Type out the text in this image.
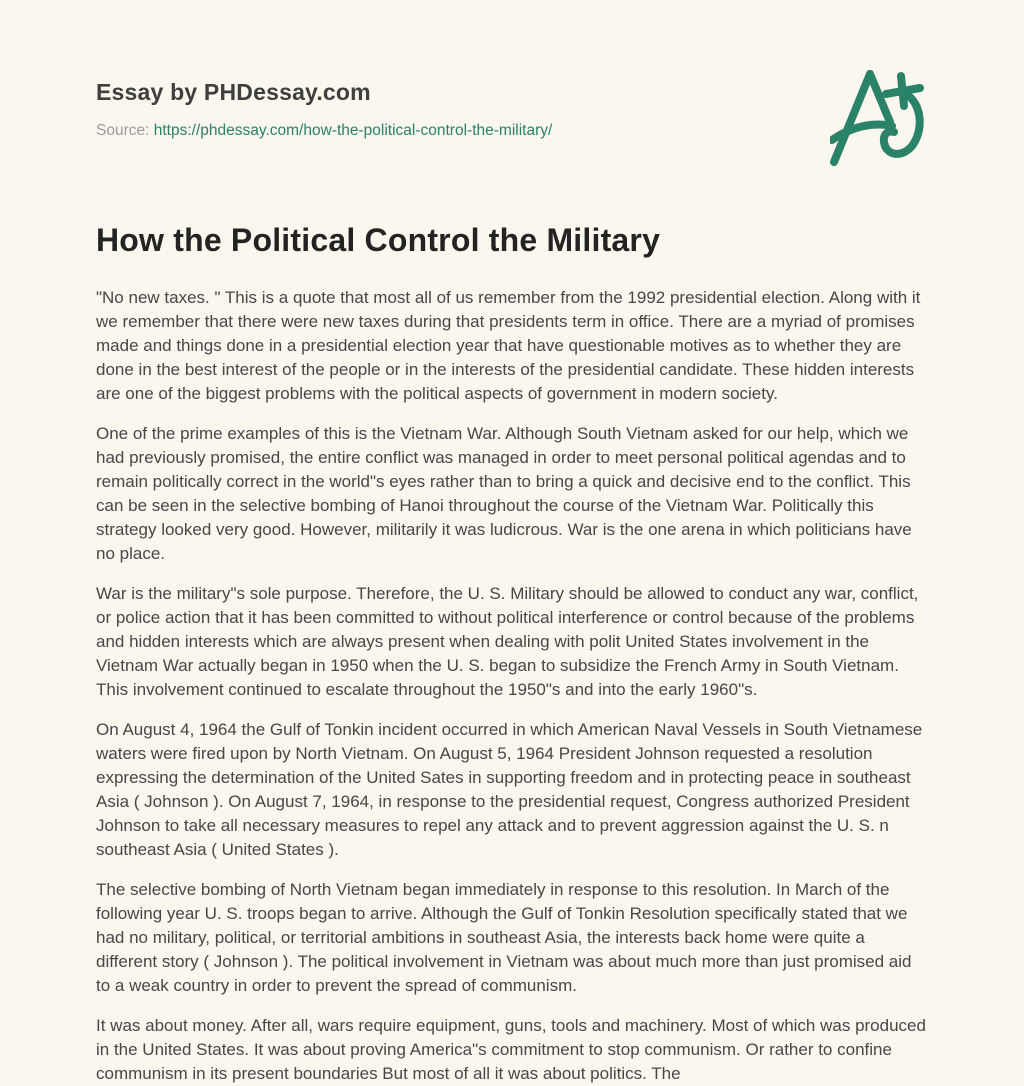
Essay by PHDessay.com
Source: https://phdessay.com/how-the-political-control-the-military/
How the Political Control the Military

"No new taxes. " This is a quote that most all of us remember from the 1992 presidential election. Along with it we remember that there were new taxes during that presidents term in office. There are a myriad of promises made and things done in a presidential election year that have questionable motives as to whether they are done in the best interest of the people or in the interests of the presidential candidate. These hidden interests are one of the biggest problems with the political aspects of government in modern society.

One of the prime examples of this is the Vietnam War. Although South Vietnam asked for our help, which we had previously promised, the entire conflict was managed in order to meet personal political agendas and to remain politically correct in the world"s eyes rather than to bring a quick and decisive end to the conflict. This can be seen in the selective bombing of Hanoi throughout the course of the Vietnam War. Politically this strategy looked very good. However, militarily it was ludicrous. War is the one arena in which politicians have no place.

War is the military"s sole purpose. Therefore, the U. S. Military should be allowed to conduct any war, conflict, or police action that it has been committed to without political interference or control because of the problems and hidden interests which are always present when dealing with polit United States involvement in the Vietnam War actually began in 1950 when the U. S. began to subsidize the French Army in South Vietnam. This involvement continued to escalate throughout the 1950"s and into the early 1960"s.

On August 4, 1964 the Gulf of Tonkin incident occurred in which American Naval Vessels in South Vietnamese waters were fired upon by North Vietnam. On August 5, 1964 President Johnson requested a resolution expressing the determination of the United Sates in supporting freedom and in protecting peace in southeast Asia ( Johnson ). On August 7, 1964, in response to the presidential request, Congress authorized President Johnson to take all necessary measures to repel any attack and to prevent aggression against the U. S. n southeast Asia ( United States ).

The selective bombing of North Vietnam began immediately in response to this resolution. In March of the following year U. S. troops began to arrive. Although the Gulf of Tonkin Resolution specifically stated that we had no military, political, or territorial ambitions in southeast Asia, the interests back home were quite a different story ( Johnson ). The political involvement in Vietnam was about much more than just promised aid to a weak country in order to prevent the spread of communism.

It was about money. After all, wars require equipment, guns, tools and machinery. Most of which was produced in the United States. It was about proving America"s commitment to stop communism. Or rather to confine communism in its present boundaries But most of all it was about politics. The
